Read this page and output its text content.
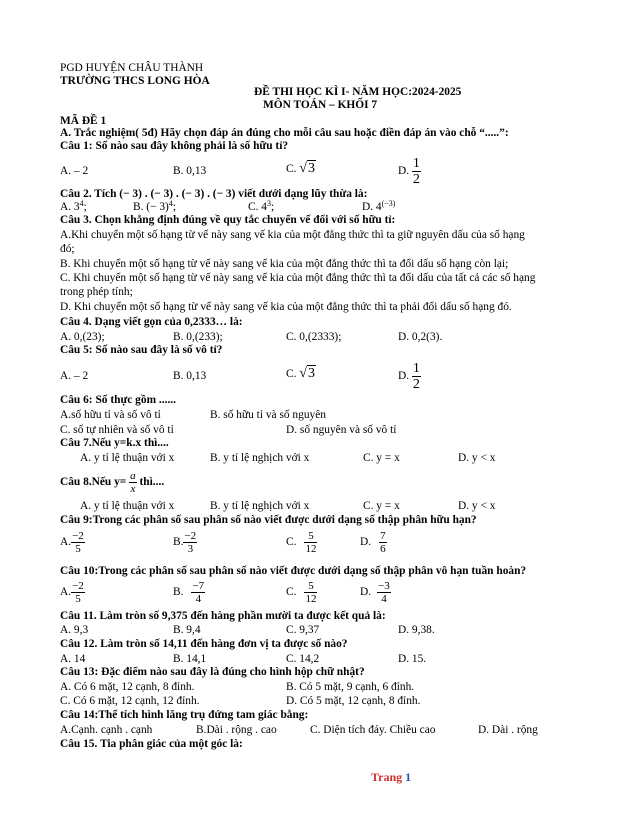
PGD HUYỆN CHÂU THÀNH
TRƯỜNG THCS LONG HÒA
ĐỀ THI HỌC KÌ I- NĂM HỌC:2024-2025
MÔN TOÁN – KHỐI 7
MÃ ĐỀ 1
A. Trắc nghiệm( 5đ) Hãy chọn đáp án đúng cho mỗi câu sau hoặc điền đáp án vào chỗ “.....”:
Câu 1: Số nào sau đây không phải là số hữu tỉ?
A. – 2	B. 0,13	C. √3	D. $\frac{1}{2}$
Câu 2. Tích (− 3) . (− 3) . (− 3) . (− 3) viết dưới dạng lũy thừa là:
A. $3^4$;	B. (− 3)$^4$;	C. $4^3$;	D. $4^{(-3)}$
Câu 3. Chọn khẳng định đúng về quy tắc chuyển vế đổi với số hữu tỉ:
A.Khi chuyển một số hạng từ vế này sang vế kia của một đẳng thức thì ta giữ nguyên dấu của số hạng
đó;
B. Khi chuyển một số hạng từ vế này sang vế kia của một đẳng thức thì ta đổi dấu số hạng còn lại;
C. Khi chuyển một số hạng từ vế này sang vế kia của một đẳng thức thì ta đổi dấu của tất cả các số hạng
trong phép tính;
D. Khi chuyển một số hạng từ vế này sang vế kia của một đẳng thức thì ta phải đổi dấu số hạng đó.
Câu 4. Dạng viết gọn của 0,2333… là:
A. 0,(23);	B. 0,(233);	C. 0,(2333);	D. 0,2(3).
Câu 5: Số nào sau đây là số vô tỉ?
A. – 2	B. 0,13	C. √3	D. $\frac{1}{2}$
Câu 6: Số thực gồm ......
A.số hữu tỉ và số vô tỉ	B. số hữu tỉ và số nguyên
C. số tự nhiên và số vô tỉ	D. số nguyên và số vô tỉ
Câu 7.Nếu y=k.x thì....
A. y tỉ lệ thuận với x	B. y tỉ lệ nghịch với x	C. y = x	D. y < x
Câu 8.Nếu $y= \frac{a}{x}$ thì....
A. y tỉ lệ thuận với x	B. y tỉ lệ nghịch với x	C. y = x	D. y < x
Câu 9:Trong các phân số sau phân số nào viết được dưới dạng số thập phân hữu hạn?
A. $\frac{-2}{5}$	B. $\frac{-2}{3}$	C. $\frac{5}{12}$	D. $\frac{7}{6}$
Câu 10:Trong các phân số sau phân số nào viết được dưới dạng số thập phân vô hạn tuần hoàn?
A. $\frac{-2}{5}$	B. $\frac{-7}{4}$	C. $\frac{5}{12}$	D. $\frac{-3}{4}$
Câu 11. Làm tròn số 9,375 đến hàng phần mười ta được kết quả là:
A. 9,3	B. 9,4	C. 9,37	D. 9,38.
Câu 12. Làm tròn số 14,11 đến hàng đơn vị ta được số nào?
A. 14	B. 14,1	C. 14,2	D. 15.
Câu 13: Đặc điểm nào sau đây là đúng cho hình hộp chữ nhật?
A. Có 6 mặt, 12 cạnh, 8 đỉnh.	B. Có 5 mặt, 9 cạnh, 6 đỉnh.
C. Có 6 mặt, 12 cạnh, 12 đỉnh.	D. Có 5 mặt, 12 cạnh, 8 đỉnh.
Câu 14:Thể tích hình lăng trụ đứng tam giác bằng:
A.Cạnh. cạnh . cạnh	B.Dài . rộng . cao	C. Diện tích đáy. Chiều cao	D. Dài . rộng
Câu 15. Tia phân giác của một góc là:
Trang 1
